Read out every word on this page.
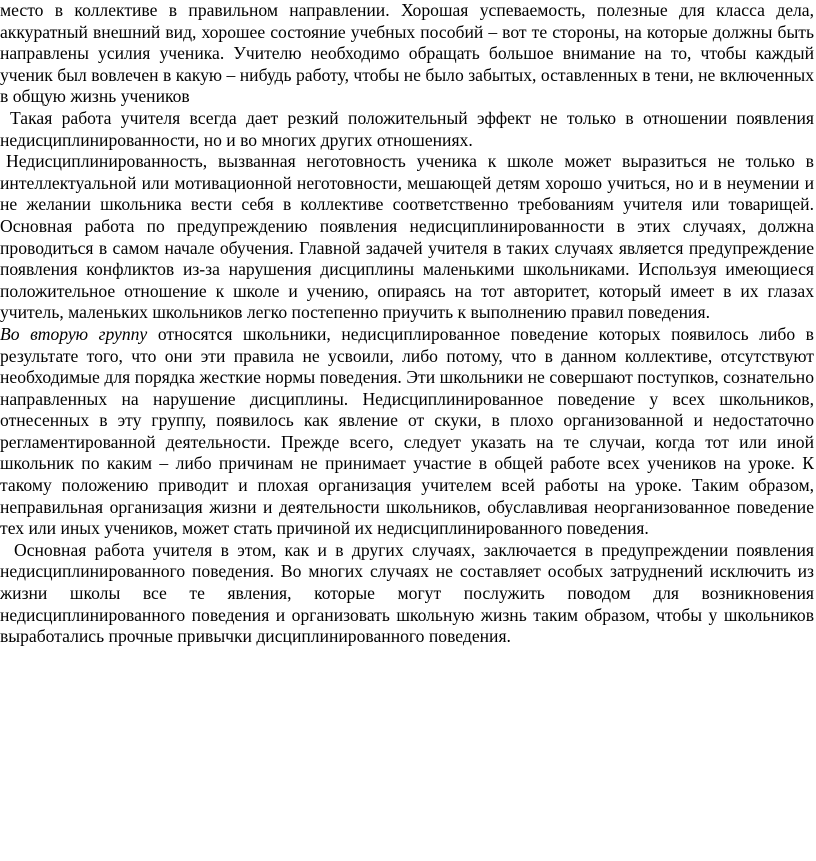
место в коллективе в правильном направлении. Хорошая успеваемость, полезные для класса дела, аккуратный внешний вид, хорошее состояние учебных пособий – вот те стороны, на которые должны быть направлены усилия ученика. Учителю необходимо обращать большое внимание на то, чтобы каждый ученик был вовлечен в какую – нибудь работу, чтобы не было забытых, оставленных в тени, не включенных в общую жизнь учеников

Такая работа учителя всегда дает резкий положительный эффект не только в отношении появления недисциплинированности, но и во многих других отношениях.

Недисциплинированность, вызванная неготовность ученика к школе может выразиться не только в интеллектуальной или мотивационной неготовности, мешающей детям хорошо учиться, но и в неумении и не желании школьника вести себя в коллективе соответственно требованиям учителя или товарищей. Основная работа по предупреждению появления недисциплинированности в этих случаях, должна проводиться в самом начале обучения. Главной задачей учителя в таких случаях является предупреждение появления конфликтов из-за нарушения дисциплины маленькими школьниками. Используя имеющиеся положительное отношение к школе и учению, опираясь на тот авторитет, который имеет в их глазах учитель, маленьких школьников легко постепенно приучить к выполнению правил поведения.

Во вторую группу относятся школьники, недисциплированное поведение которых появилось либо в результате того, что они эти правила не усвоили, либо потому, что в данном коллективе, отсутствуют необходимые для порядка жесткие нормы поведения. Эти школьники не совершают поступков, сознательно направленных на нарушение дисциплины. Недисциплинированное поведение у всех школьников, отнесенных в эту группу, появилось как явление от скуки, в плохо организованной и недостаточно регламентированной деятельности. Прежде всего, следует указать на те случаи, когда тот или иной школьник по каким – либо причинам не принимает участие в общей работе всех учеников на уроке. К такому положению приводит и плохая организация учителем всей работы на уроке. Таким образом, неправильная организация жизни и деятельности школьников, обуславливая неорганизованное поведение тех или иных учеников, может стать причиной их недисциплинированного поведения.

Основная работа учителя в этом, как и в других случаях, заключается в предупреждении появления недисциплинированного поведения. Во многих случаях не составляет особых затруднений исключить из жизни школы все те явления, которые могут послужить поводом для возникновения недисциплинированного поведения и организовать школьную жизнь таким образом, чтобы у школьников выработались прочные привычки дисциплинированного поведения.
